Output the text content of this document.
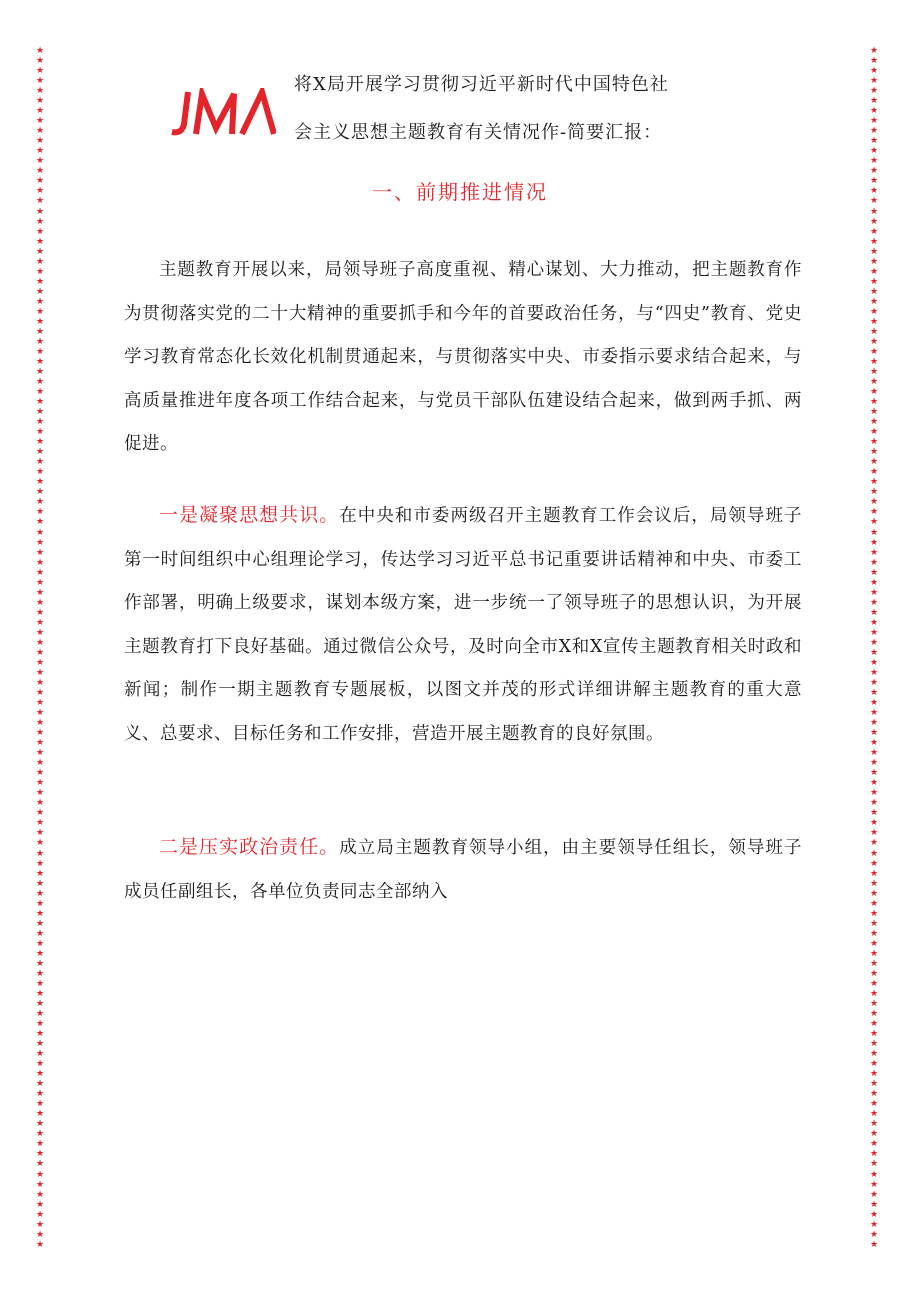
★
★
★
★
★
★
★
★
★
★
★
★
★
★
★
★
★
★
★
★
★
★
★
★
★
★
★
★
★
★
★
★
★
★
★
★
★
★
★
★
★
★
★
★
★
★
★
★
★
★
★
★
★
★
★
★
★
★
★
★
★
★
★
★
★
★
★
★
★
★
★
★
★
★
★
★
★
★
★
★
★
★
★
★
★
★
★
★
★
★
★
★
★
★
★
★
★
★
★
★
★
★
★
★
★
★
★
★
★
★
★
★
★
★
★
★
★
★
★
★
★
★
★
★
★
★
★
★
★
★
★
★
★
★
★
★
★
★
★
★
★
★
★
★
★
★
★
★
★
★
★
★
★
★
★
★
★
★
★
★
★
★
★
★
★
★
★
★
★
★
★
★
★
★
★
★
★
★
★
★
★
★
★
★
★
★
★
★
★
★
★
★
★
★
★
★
★
★
★
★
★
★
★
★
★
★
★
★
★
★
★
★
★
★
★
★
★
★
★
★
★
★
★
★
★
★
★
★
★
★
★
★
★
★
★
★
★
★
★
★
将X局开展学习贯彻习近平新时代中国特色社
会主义思想主题教育有关情况作-简要汇报：
一、前期推进情况
主题教育开展以来，局领导班子高度重视、精心谋划、大力推动，把主题教育作为贯彻落实党的二十大精神的重要抓手和今年的首要政治任务，与“四史”教育、党史学习教育常态化长效化机制贯通起来，与贯彻落实中央、市委指示要求结合起来，与高质量推进年度各项工作结合起来，与党员干部队伍建设结合起来，做到两手抓、两促进。
一是凝聚思想共识。在中央和市委两级召开主题教育工作会议后，局领导班子第一时间组织中心组理论学习，传达学习习近平总书记重要讲话精神和中央、市委工作部署，明确上级要求，谋划本级方案，进一步统一了领导班子的思想认识，为开展主题教育打下良好基础。通过微信公众号，及时向全市X和X宣传主题教育相关时政和新闻；制作一期主题教育专题展板，以图文并茂的形式详细讲解主题教育的重大意义、总要求、目标任务和工作安排，营造开展主题教育的良好氛围。
二是压实政治责任。成立局主题教育领导小组，由主要领导任组长，领导班子成员任副组长，各单位负责同志全部纳入
